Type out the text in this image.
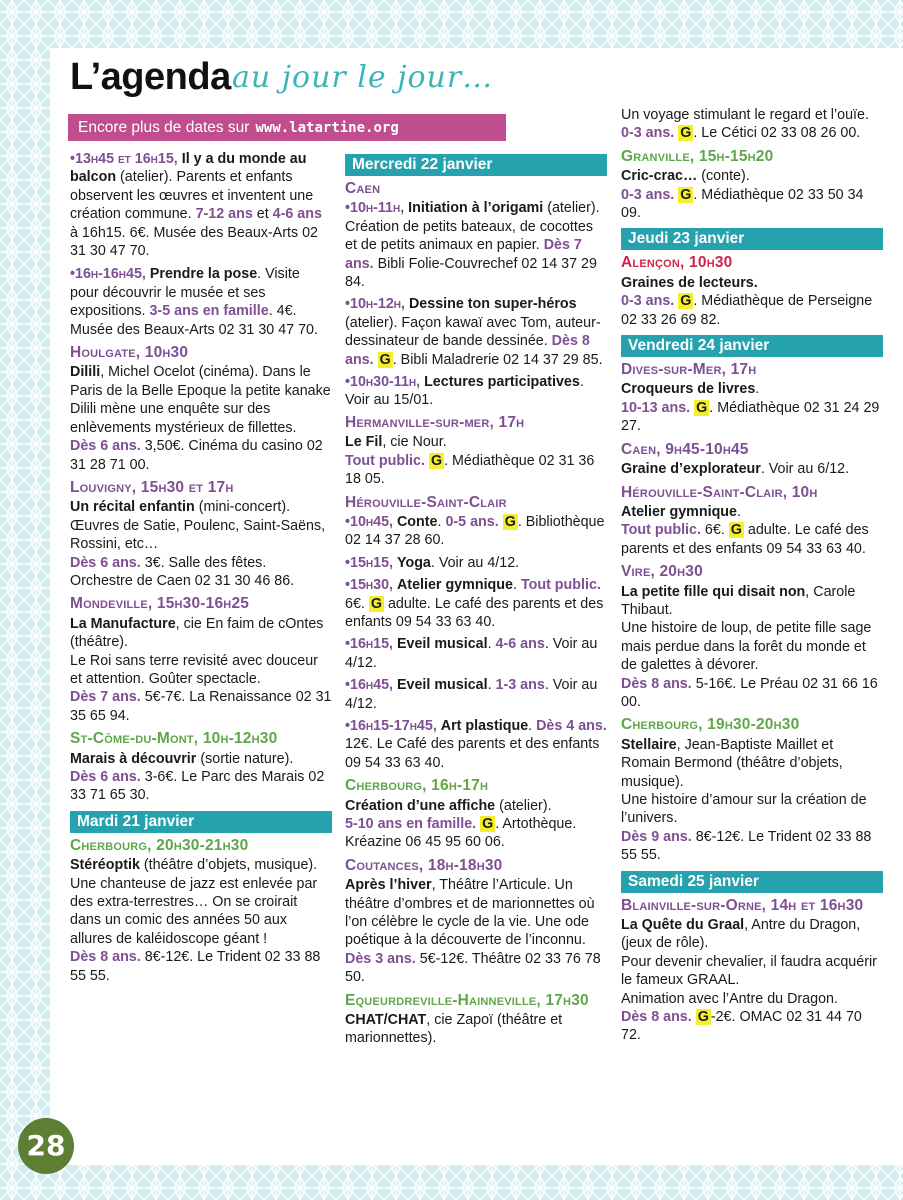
L’agenda au jour le jour…
Encore plus de dates sur www.latartine.org

•13h45 et 16h15, Il y a du monde au balcon (atelier). Parents et enfants observent les œuvres et inventent une création commune. 7-12 ans et 4-6 ans à 16h15. 6€. Musée des Beaux-Arts 02 31 30 47 70.

•16h-16h45, Prendre la pose. Visite pour découvrir le musée et ses expositions. 3-5 ans en famille. 4€. Musée des Beaux-Arts 02 31 30 47 70.

Houlgate, 10h30

Dilili, Michel Ocelot (cinéma). Dans le Paris de la Belle Epoque la petite kanake Dilili mène une enquête sur des enlèvements mystérieux de fillettes.
Dès 6 ans. 3,50€. Cinéma du casino 02 31 28 71 00.

Louvigny, 15h30 et 17h

Un récital enfantin (mini-concert). Œuvres de Satie, Poulenc, Saint-Saëns, Rossini, etc…
Dès 6 ans. 3€. Salle des fêtes. Orchestre de Caen 02 31 30 46 86.

Mondeville, 15h30-16h25

La Manufacture, cie En faim de cOntes (théâtre).
Le Roi sans terre revisité avec douceur et attention. Goûter spectacle.
Dès 7 ans. 5€-7€. La Renaissance 02 31 35 65 94.

St-Côme-du-Mont, 10h-12h30

Marais à découvrir (sortie nature).
Dès 6 ans. 3-6€. Le Parc des Marais 02 33 71 65 30.

Mardi 21 janvier
Cherbourg, 20h30-21h30

Stéréoptik (théâtre d’objets, musique). Une chanteuse de jazz est enlevée par des extra-terrestres… On se croirait dans un comic des années 50 aux allures de kaléidoscope géant !
Dès 8 ans. 8€-12€. Le Trident 02 33 88 55 55.

Mercredi 22 janvier
Caen

•10h-11h, Initiation à l’origami (atelier). Création de petits bateaux, de cocottes et de petits animaux en papier. Dès 7 ans. Bibli Folie-Couvrechef 02 14 37 29 84.

•10h-12h, Dessine ton super-héros (atelier). Façon kawaï avec Tom, auteur-dessinateur de bande dessinée. Dès 8 ans. G . Bibli Maladrerie 02 14 37 29 85.

•10h30-11h, Lectures participatives. Voir au 15/01.

Hermanville-sur-mer, 17h

Le Fil, cie Nour.
Tout public. G . Médiathèque 02 31 36 18 05.

Hérouville-Saint-Clair

•10h45, Conte. 0-5 ans. G . Bibliothèque 02 14 37 28 60.

•15h15, Yoga. Voir au 4/12.

•15h30, Atelier gymnique. Tout public. 6€. G adulte. Le café des parents et des enfants 09 54 33 63 40.

•16h15, Eveil musical. 4-6 ans. Voir au 4/12.

•16h45, Eveil musical. 1-3 ans. Voir au 4/12.

•16h15-17h45, Art plastique. Dès 4 ans. 12€. Le Café des parents et des enfants 09 54 33 63 40.

Cherbourg, 16h-17h

Création d’une affiche (atelier).
5-10 ans en famille. G . Artothèque. Kréazine 06 45 95 60 06.

Coutances, 18h-18h30

Après l’hiver, Théâtre l’Articule. Un théâtre d’ombres et de marionnettes où l’on célèbre le cycle de la vie. Une ode poétique à la découverte de l’inconnu.
Dès 3 ans. 5€-12€. Théâtre 02 33 76 78 50.

Equeurdreville-Hainneville, 17h30

CHAT/CHAT, cie Zapoï (théâtre et marionnettes).

Un voyage stimulant le regard et l’ouïe.
0-3 ans. G . Le Cétici 02 33 08 26 00.

Granville, 15h-15h20

Cric-crac… (conte).
0-3 ans. G . Médiathèque 02 33 50 34 09.

Jeudi 23 janvier
Alençon, 10h30

Graines de lecteurs.
0-3 ans. G . Médiathèque de Perseigne 02 33 26 69 82.

Vendredi 24 janvier
Dives-sur-Mer, 17h

Croqueurs de livres.
10-13 ans. G . Médiathèque 02 31 24 29 27.

Caen, 9h45-10h45

Graine d’explorateur. Voir au 6/12.

Hérouville-Saint-Clair, 10h

Atelier gymnique.
Tout public. 6€. G adulte. Le café des parents et des enfants 09 54 33 63 40.

Vire, 20h30

La petite fille qui disait non, Carole Thibaut.
Une histoire de loup, de petite fille sage mais perdue dans la forêt du monde et de galettes à dévorer.
Dès 8 ans. 5-16€. Le Préau 02 31 66 16 00.

Cherbourg, 19h30-20h30

Stellaire, Jean-Baptiste Maillet et Romain Bermond (théâtre d’objets, musique).
Une histoire d’amour sur la création de l’univers.
Dès 9 ans. 8€-12€. Le Trident 02 33 88 55 55.

Samedi 25 janvier
Blainville-sur-Orne, 14h et 16h30

La Quête du Graal, Antre du Dragon, (jeux de rôle).
Pour devenir chevalier, il faudra acquérir le fameux GRAAL.
Animation avec l’Antre du Dragon.
Dès 8 ans. G -2€. OMAC 02 31 44 70 72.

28
